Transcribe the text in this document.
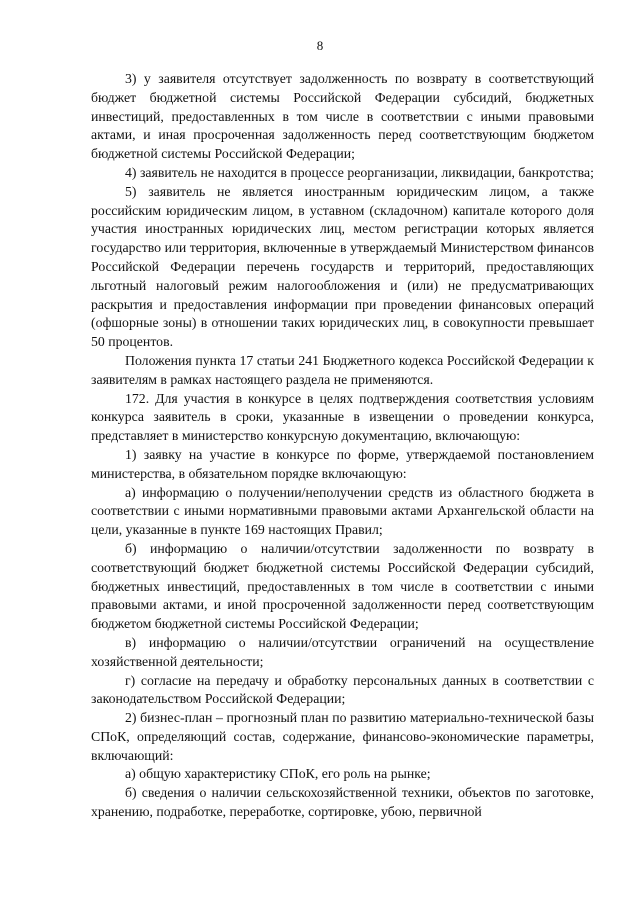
8

3) у заявителя отсутствует задолженность по возврату в соответствующий бюджет бюджетной системы Российской Федерации субсидий, бюджетных инвестиций, предоставленных в том числе в соответствии с иными правовыми актами, и иная просроченная задолженность перед соответствующим бюджетом бюджетной системы Российской Федерации;

4) заявитель не находится в процессе реорганизации, ликвидации, банкротства;

5) заявитель не является иностранным юридическим лицом, а также российским юридическим лицом, в уставном (складочном) капитале которого доля участия иностранных юридических лиц, местом регистрации которых является государство или территория, включенные в утверждаемый Министерством финансов Российской Федерации перечень государств и территорий, предоставляющих льготный налоговый режим налогообложения и (или) не предусматривающих раскрытия и предоставления информации при проведении финансовых операций (офшорные зоны) в отношении таких юридических лиц, в совокупности превышает 50 процентов.

Положения пункта 17 статьи 241 Бюджетного кодекса Российской Федерации к заявителям в рамках настоящего раздела не применяются.

172. Для участия в конкурсе в целях подтверждения соответствия условиям конкурса заявитель в сроки, указанные в извещении о проведении конкурса, представляет в министерство конкурсную документацию, включающую:

1) заявку на участие в конкурсе по форме, утверждаемой постановлением министерства, в обязательном порядке включающую:

а) информацию о получении/неполучении средств из областного бюджета в соответствии с иными нормативными правовыми актами Архангельской области на цели, указанные в пункте 169 настоящих Правил;

б) информацию о наличии/отсутствии задолженности по возврату в соответствующий бюджет бюджетной системы Российской Федерации субсидий, бюджетных инвестиций, предоставленных в том числе в соответствии с иными правовыми актами, и иной просроченной задолженности перед соответствующим бюджетом бюджетной системы Российской Федерации;

в) информацию о наличии/отсутствии ограничений на осуществление хозяйственной деятельности;

г) согласие на передачу и обработку персональных данных в соответствии с законодательством Российской Федерации;

2) бизнес-план – прогнозный план по развитию материально-технической базы СПоК, определяющий состав, содержание, финансово-экономические параметры, включающий:

а) общую характеристику СПоК, его роль на рынке;

б) сведения о наличии сельскохозяйственной техники, объектов по заготовке, хранению, подработке, переработке, сортировке, убою, первичной
